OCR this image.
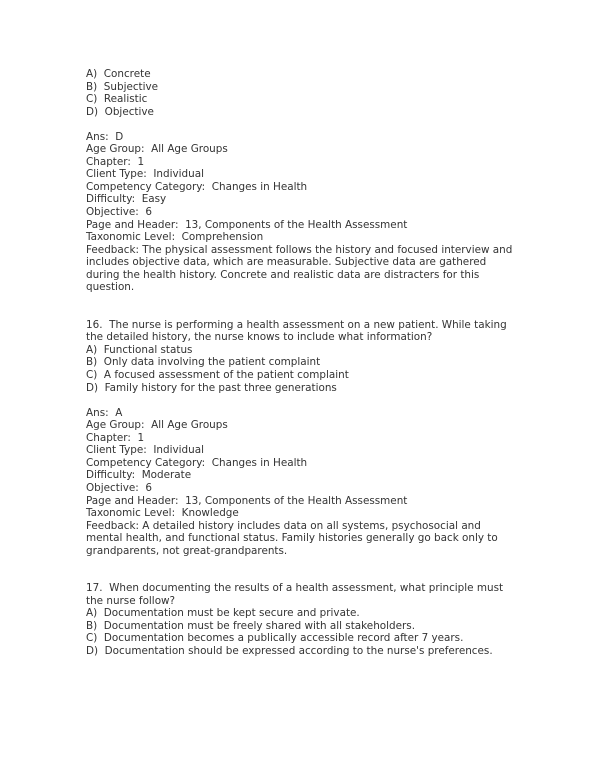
A)  Concrete
B)  Subjective
C)  Realistic
D)  Objective
Ans:  D
Age Group:  All Age Groups
Chapter:  1
Client Type:  Individual
Competency Category:  Changes in Health
Difficulty:  Easy
Objective:  6
Page and Header:  13, Components of the Health Assessment
Taxonomic Level:  Comprehension
Feedback: The physical assessment follows the history and focused interview and includes objective data, which are measurable. Subjective data are gathered during the health history. Concrete and realistic data are distracters for this question.
16.  The nurse is performing a health assessment on a new patient. While taking the detailed history, the nurse knows to include what information?
A)  Functional status
B)  Only data involving the patient complaint
C)  A focused assessment of the patient complaint
D)  Family history for the past three generations
Ans:  A
Age Group:  All Age Groups
Chapter:  1
Client Type:  Individual
Competency Category:  Changes in Health
Difficulty:  Moderate
Objective:  6
Page and Header:  13, Components of the Health Assessment
Taxonomic Level:  Knowledge
Feedback: A detailed history includes data on all systems, psychosocial and mental health, and functional status. Family histories generally go back only to grandparents, not great-grandparents.
17.  When documenting the results of a health assessment, what principle must the nurse follow?
A)  Documentation must be kept secure and private.
B)  Documentation must be freely shared with all stakeholders.
C)  Documentation becomes a publically accessible record after 7 years.
D)  Documentation should be expressed according to the nurse's preferences.
